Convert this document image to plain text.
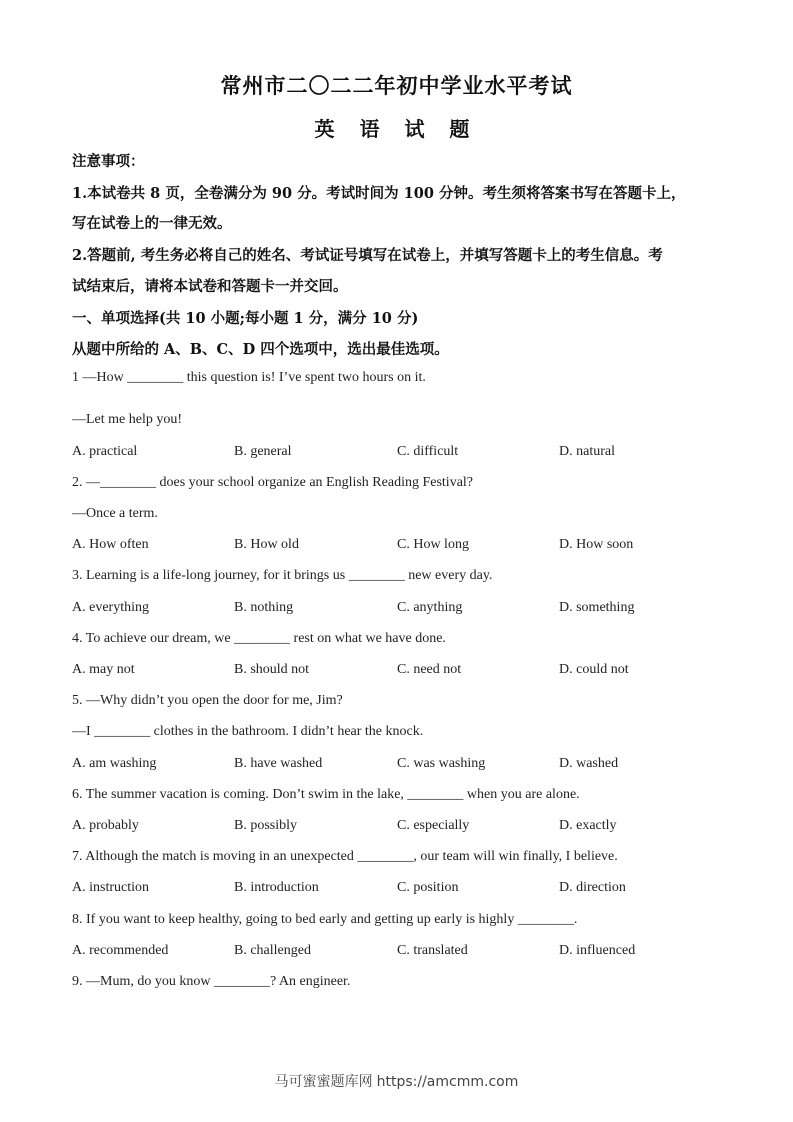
常州市二〇二二年初中学业水平考试
英 语 试 题
注意事项：
1.本试卷共 8 页，全卷满分为 90 分。考试时间为 100 分钟。考生须将答案书写在答题卡上，
写在试卷上的一律无效。
2.答题前, 考生务必将自己的姓名、考试证号填写在试卷上，并填写答题卡上的考生信息。考
试结束后，请将本试卷和答题卡一并交回。
一、单项选择(共 10 小题;每小题 1 分，满分 10 分)
从题中所给的 A、B、C、D 四个选项中，选出最佳选项。
1 —How ________ this question is! I’ve spent two hours on it.
—Let me help you!
A. practical	B. general	C. difficult	D. natural
2. —________ does your school organize an English Reading Festival?
—Once a term.
A. How often	B. How old	C. How long	D. How soon
3. Learning is a life-long journey, for it brings us ________ new every day.
A. everything	B. nothing	C. anything	D. something
4. To achieve our dream, we ________ rest on what we have done.
A. may not	B. should not	C. need not	D. could not
5. —Why didn’t you open the door for me, Jim?
—I ________ clothes in the bathroom. I didn’t hear the knock.
A. am washing	B. have washed	C. was washing	D. washed
6. The summer vacation is coming. Don’t swim in the lake, ________ when you are alone.
A. probably	B. possibly	C. especially	D. exactly
7. Although the match is moving in an unexpected ________, our team will win finally, I believe.
A. instruction	B. introduction	C. position	D. direction
8. If you want to keep healthy, going to bed early and getting up early is highly ________.
A. recommended	B. challenged	C. translated	D. influenced
9. —Mum, do you know ________? An engineer.
马可蜜蜜题库网 https://amcmm.com
